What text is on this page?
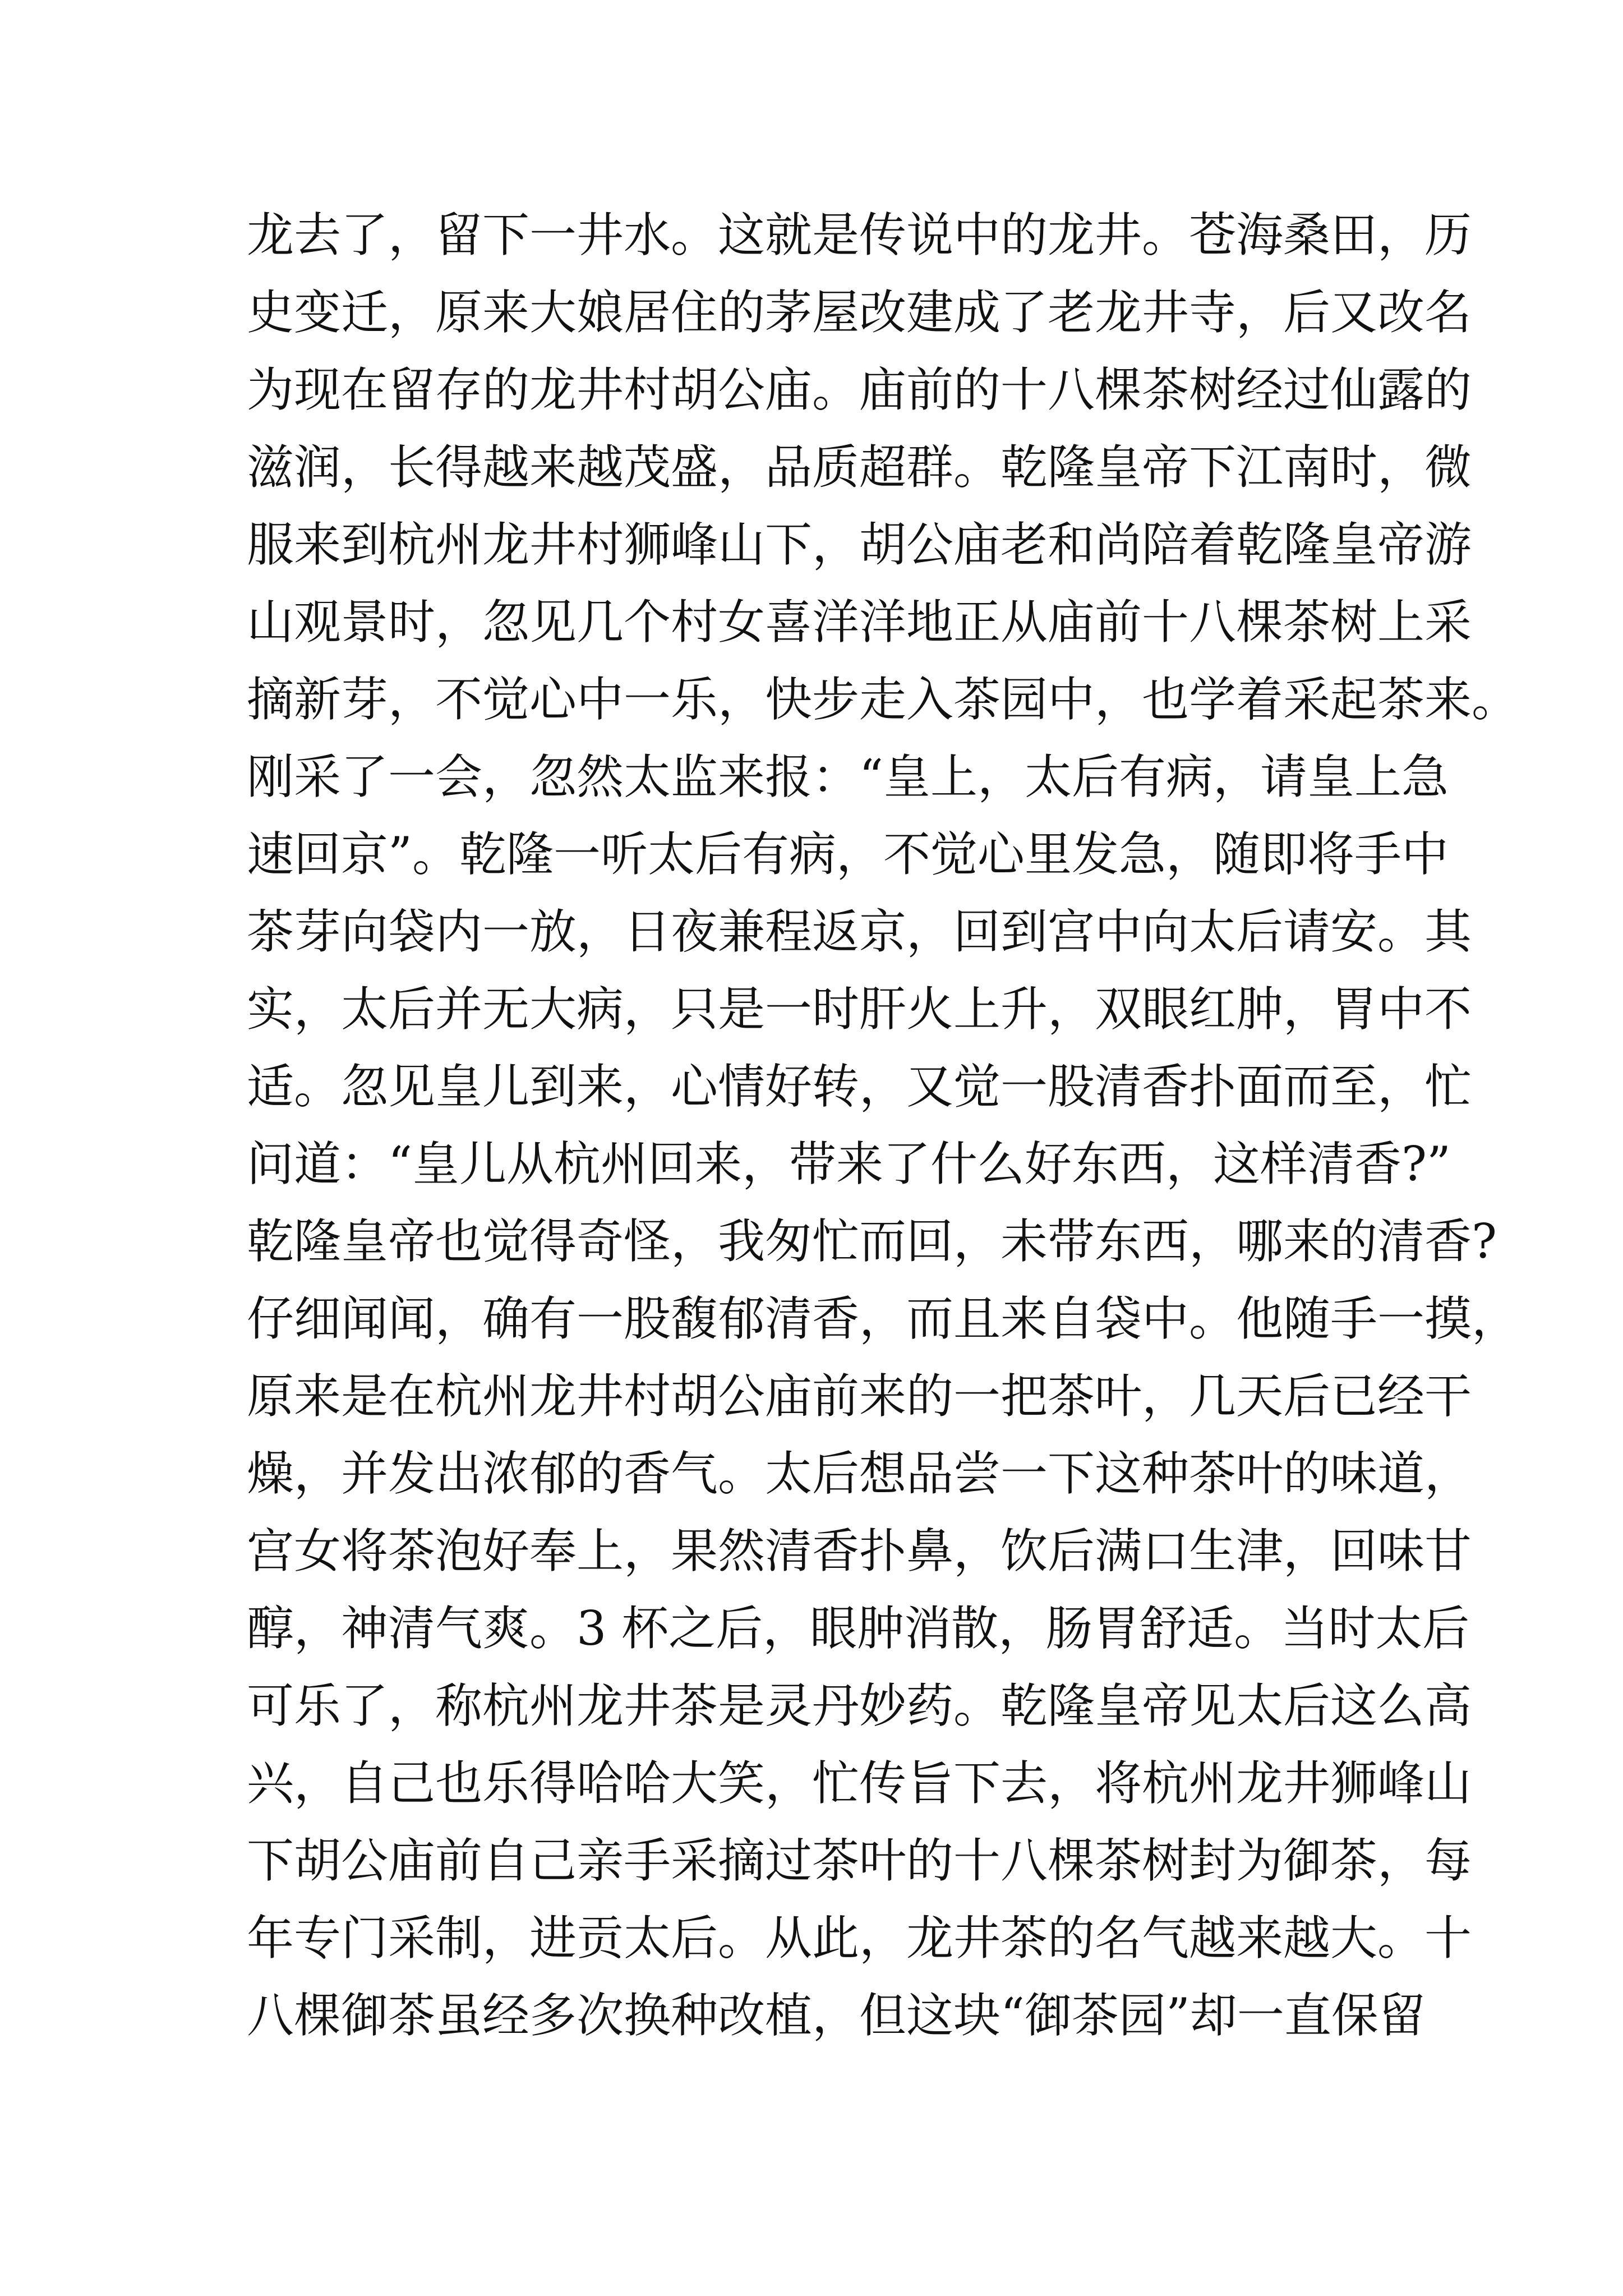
龙去了，留下一井水。这就是传说中的龙井。苍海桑田，历
史变迁，原来大娘居住的茅屋改建成了老龙井寺，后又改名
为现在留存的龙井村胡公庙。庙前的十八棵茶树经过仙露的
滋润，长得越来越茂盛，品质超群。乾隆皇帝下江南时，微
服来到杭州龙井村狮峰山下，胡公庙老和尚陪着乾隆皇帝游
山观景时，忽见几个村女喜洋洋地正从庙前十八棵茶树上采
摘新芽，不觉心中一乐，快步走入茶园中，也学着采起茶来。
刚采了一会，忽然太监来报：“皇上，太后有病，请皇上急
速回京”。乾隆一听太后有病，不觉心里发急，随即将手中
茶芽向袋内一放，日夜兼程返京，回到宫中向太后请安。其
实，太后并无大病，只是一时肝火上升，双眼红肿，胃中不
适。忽见皇儿到来，心情好转，又觉一股清香扑面而至，忙
问道：“皇儿从杭州回来，带来了什么好东西，这样清香?”
乾隆皇帝也觉得奇怪，我匆忙而回，未带东西，哪来的清香?
仔细闻闻，确有一股馥郁清香，而且来自袋中。他随手一摸，
原来是在杭州龙井村胡公庙前来的一把茶叶，几天后已经干
燥，并发出浓郁的香气。太后想品尝一下这种茶叶的味道，
宫女将茶泡好奉上，果然清香扑鼻，饮后满口生津，回味甘
醇，神清气爽。3 杯之后，眼肿消散，肠胃舒适。当时太后
可乐了，称杭州龙井茶是灵丹妙药。乾隆皇帝见太后这么高
兴，自己也乐得哈哈大笑，忙传旨下去，将杭州龙井狮峰山
下胡公庙前自己亲手采摘过茶叶的十八棵茶树封为御茶，每
年专门采制，进贡太后。从此，龙井茶的名气越来越大。十
八棵御茶虽经多次换种改植，但这块“御茶园”却一直保留
